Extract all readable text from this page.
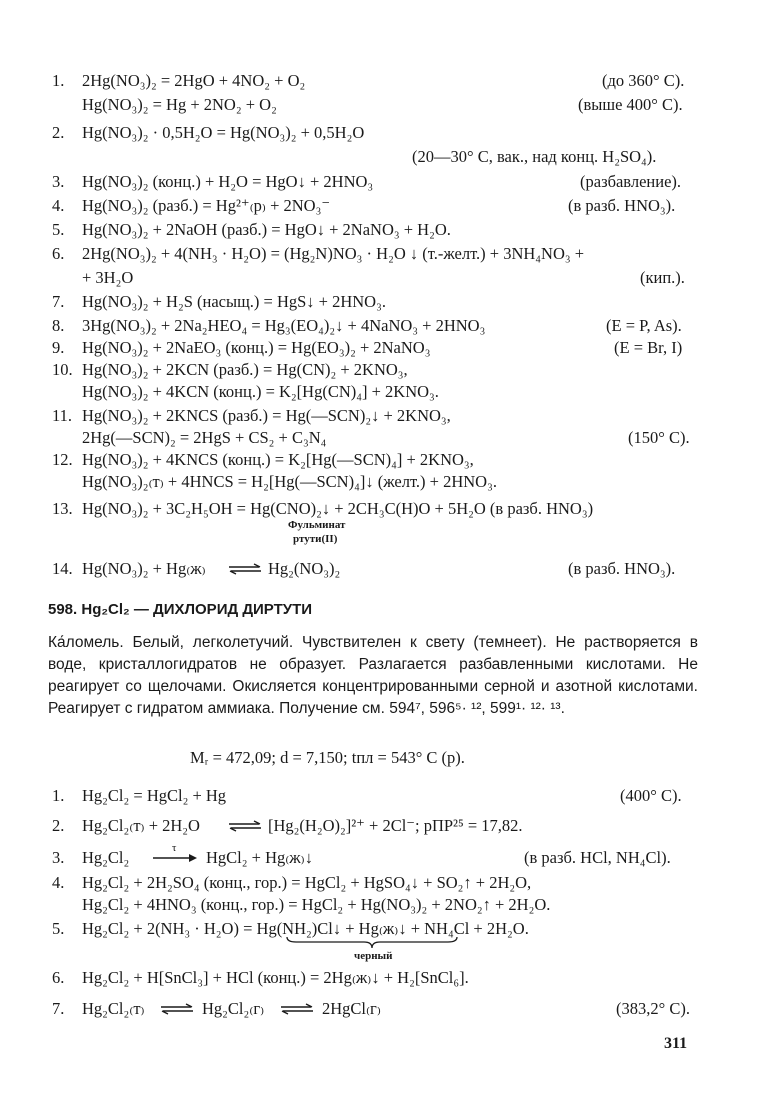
1. 2Hg(NO₃)₂ = 2HgO + 4NO₂ + O₂	(до 360° С).
Hg(NO₃)₂ = Hg + 2NO₂ + O₂	(выше 400° С).
2. Hg(NO₃)₂ · 0,5H₂O = Hg(NO₃)₂ + 0,5H₂O
(20—30° С, вак., над конц. H₂SO₄).
3. Hg(NO₃)₂ (конц.) + H₂O = HgO↓ + 2HNO₃	(разбавление).
4. Hg(NO₃)₂ (разб.) = Hg²⁺₍р₎ + 2NO₃⁻	(в разб. HNO₃).
5. Hg(NO₃)₂ + 2NaOH (разб.) = HgO↓ + 2NaNO₃ + H₂O.
6. 2Hg(NO₃)₂ + 4(NH₃ · H₂O) = (Hg₂N)NO₃ · H₂O ↓ (т.-желт.) + 3NH₄NO₃ +
+ 3H₂O	(кип.).
7. Hg(NO₃)₂ + H₂S (насыщ.) = HgS↓ + 2HNO₃.
8. 3Hg(NO₃)₂ + 2Na₂HEO₄ = Hg₃(EO₄)₂↓ + 4NaNO₃ + 2HNO₃	(E = P, As).
9. Hg(NO₃)₂ + 2NaEO₃ (конц.) = Hg(EO₃)₂ + 2NaNO₃	(E = Br, I)
10. Hg(NO₃)₂ + 2KCN (разб.) = Hg(CN)₂ + 2KNO₃,
Hg(NO₃)₂ + 4KCN (конц.) = K₂[Hg(CN)₄] + 2KNO₃.
11. Hg(NO₃)₂ + 2KNCS (разб.) = Hg(—SCN)₂↓ + 2KNO₃,
2Hg(—SCN)₂ = 2HgS + CS₂ + C₃N₄	(150° С).
12. Hg(NO₃)₂ + 4KNCS (конц.) = K₂[Hg(—SCN)₄] + 2KNO₃,
Hg(NO₃)₂₍т₎ + 4HNCS = H₂[Hg(—SCN)₄]↓ (желт.) + 2HNO₃.
13. Hg(NO₃)₂ + 3C₂H₅OH = Hg(CNO)₂↓ + 2CH₃C(H)O + 5H₂O (в разб. HNO₃)
Фульминат
ртути(II)
14. Hg(NO₃)₂ + Hg₍ж₎ ⇌ Hg₂(NO₃)₂	(в разб. HNO₃).
598. Hg₂Cl₂ — ДИХЛОРИД ДИРТУТИ
Ка́ломель. Белый, легколетучий. Чувствителен к свету (темнеет). Не растворяется в воде, кристаллогидратов не образует. Разлагается разбавленными кислотами. Не реагирует со щелочами. Окисляется концентрированными серной и азотной кислотами. Реагирует с гидратом аммиака. Получение см. 594⁷, 596⁵· ¹², 599¹· ¹²· ¹³.
Mᵣ = 472,09; d = 7,150; tпл = 543° С (р).
1. Hg₂Cl₂ = HgCl₂ + Hg	(400° С).
2. Hg₂Cl₂₍т₎ + 2H₂O ⇌ [Hg₂(H₂O)₂]²⁺ + 2Cl⁻; рПР²⁵ = 17,82.
3. Hg₂Cl₂	τ HgCl₂ + Hg₍ж₎↓	(в разб. HCl, NH₄Cl).
4. Hg₂Cl₂ + 2H₂SO₄ (конц., гор.) = HgCl₂ + HgSO₄↓ + SO₂↑ + 2H₂O,
Hg₂Cl₂ + 4HNO₃ (конц., гор.) = HgCl₂ + Hg(NO₃)₂ + 2NO₂↑ + 2H₂O.
5. Hg₂Cl₂ + 2(NH₃ · H₂O) = Hg(NH₂)Cl↓ + Hg₍ж₎↓ + NH₄Cl + 2H₂O.
черный
6. Hg₂Cl₂ + H[SnCl₃] + HCl (конц.) = 2Hg₍ж₎↓ + H₂[SnCl₆].
7. Hg₂Cl₂₍т₎ ⇌ Hg₂Cl₂₍г₎ ⇌ 2HgCl₍г₎	(383,2° С).
311
